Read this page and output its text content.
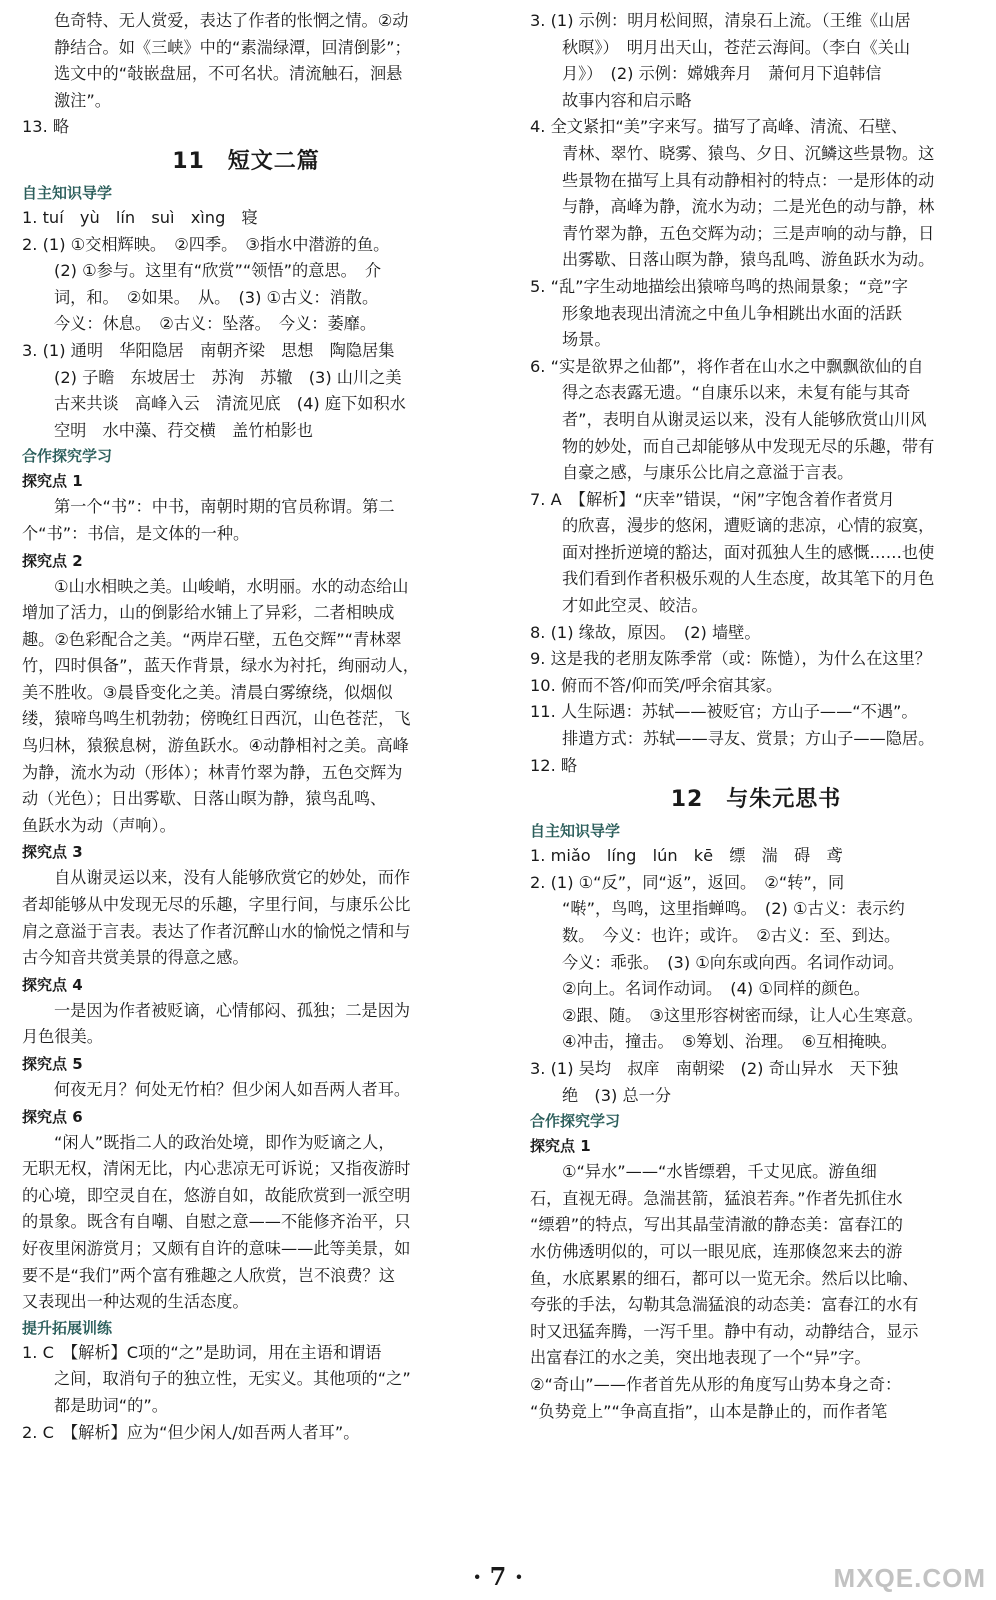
色奇特、无人赏爱，表达了作者的怅惘之情。②动
静结合。如《三峡》中的“素湍绿潭，回清倒影”；
选文中的“敧嵌盘屈，不可名状。清流触石，洄悬
激注”。
13. 略
11　短文二篇
自主知识导学
1. tuí　yù　lín　suì　xìng　寝
2. (1) ①交相辉映。　②四季。　③指水中潜游的鱼。
(2) ①参与。这里有“欣赏”“领悟”的意思。　介
词，和。　②如果。　从。　(3) ①古义：消散。
今义：休息。　②古义：坠落。　今义：萎靡。
3. (1) 通明　华阳隐居　南朝齐梁　思想　陶隐居集
(2) 子瞻　东坡居士　苏洵　苏辙　(3) 山川之美
古来共谈　高峰入云　清流见底　(4) 庭下如积水
空明　水中藻、荇交横　盖竹柏影也
合作探究学习
探究点 1
第一个“书”：中书，南朝时期的官员称谓。第二
个“书”：书信，是文体的一种。
探究点 2
①山水相映之美。山峻峭，水明丽。水的动态给山
增加了活力，山的倒影给水铺上了异彩，二者相映成
趣。②色彩配合之美。“两岸石壁，五色交辉”“青林翠
竹，四时俱备”，蓝天作背景，绿水为衬托，绚丽动人，
美不胜收。③晨昏变化之美。清晨白雾缭绕，似烟似
缕，猿啼鸟鸣生机勃勃；傍晚红日西沉，山色苍茫，飞
鸟归林，猿猴息树，游鱼跃水。④动静相衬之美。高峰
为静，流水为动（形体）；林青竹翠为静，五色交辉为
动（光色）；日出雾歇、日落山暝为静，猿鸟乱鸣、
鱼跃水为动（声响）。
探究点 3
自从谢灵运以来，没有人能够欣赏它的妙处，而作
者却能够从中发现无尽的乐趣，字里行间，与康乐公比
肩之意溢于言表。表达了作者沉醉山水的愉悦之情和与
古今知音共赏美景的得意之感。
探究点 4
一是因为作者被贬谪，心情郁闷、孤独；二是因为
月色很美。
探究点 5
何夜无月？何处无竹柏？但少闲人如吾两人者耳。
探究点 6
“闲人”既指二人的政治处境，即作为贬谪之人，
无职无权，清闲无比，内心悲凉无可诉说；又指夜游时
的心境，即空灵自在，悠游自如，故能欣赏到一派空明
的景象。既含有自嘲、自慰之意——不能修齐治平，只
好夜里闲游赏月；又颇有自许的意味——此等美景，如
要不是“我们”两个富有雅趣之人欣赏，岂不浪费？这
又表现出一种达观的生活态度。
提升拓展训练
1. C　【解析】C项的“之”是助词，用在主语和谓语
之间，取消句子的独立性，无实义。其他项的“之”
都是助词“的”。
2. C　【解析】应为“但少闲人/如吾两人者耳”。
3. (1) 示例：明月松间照，清泉石上流。（王维《山居
秋暝》）　明月出天山，苍茫云海间。（李白《关山
月》）　(2) 示例：嫦娥奔月　萧何月下追韩信
故事内容和启示略
4. 全文紧扣“美”字来写。描写了高峰、清流、石壁、
青林、翠竹、晓雾、猿鸟、夕日、沉鳞这些景物。这
些景物在描写上具有动静相衬的特点：一是形体的动
与静，高峰为静，流水为动；二是光色的动与静，林
青竹翠为静，五色交辉为动；三是声响的动与静，日
出雾歇、日落山暝为静，猿鸟乱鸣、游鱼跃水为动。
5. “乱”字生动地描绘出猿啼鸟鸣的热闹景象；“竞”字
形象地表现出清流之中鱼儿争相跳出水面的活跃
场景。
6. “实是欲界之仙都”，将作者在山水之中飘飘欲仙的自
得之态表露无遗。“自康乐以来，未复有能与其奇
者”，表明自从谢灵运以来，没有人能够欣赏山川风
物的妙处，而自己却能够从中发现无尽的乐趣，带有
自豪之感，与康乐公比肩之意溢于言表。
7. A　【解析】“庆幸”错误，“闲”字饱含着作者赏月
的欣喜，漫步的悠闲，遭贬谪的悲凉，心情的寂寞，
面对挫折逆境的豁达，面对孤独人生的感慨……也使
我们看到作者积极乐观的人生态度，故其笔下的月色
才如此空灵、皎洁。
8. (1) 缘故，原因。　(2) 墙壁。
9. 这是我的老朋友陈季常（或：陈慥），为什么在这里？
10. 俯而不答/仰而笑/呼余宿其家。
11. 人生际遇：苏轼——被贬官；方山子——“不遇”。
排遣方式：苏轼——寻友、赏景；方山子——隐居。
12. 略
12　与朱元思书
自主知识导学
1. miǎo　líng　lún　kē　缥　湍　碍　鸢
2. (1) ①“反”，同“返”，返回。　②“转”，同
“啭”，鸟鸣，这里指蝉鸣。　(2) ①古义：表示约
数。　今义：也许；或许。　②古义：至、到达。
今义：乖张。　(3) ①向东或向西。名词作动词。
②向上。名词作动词。　(4) ①同样的颜色。
②跟、随。　③这里形容树密而绿，让人心生寒意。
④冲击，撞击。　⑤筹划、治理。　⑥互相掩映。
3. (1) 吴均　叔庠　南朝梁　(2) 奇山异水　天下独
绝　(3) 总一分
合作探究学习
探究点 1
①“异水”——“水皆缥碧，千丈见底。游鱼细
石，直视无碍。急湍甚箭，猛浪若奔。”作者先抓住水
“缥碧”的特点，写出其晶莹清澈的静态美：富春江的
水仿佛透明似的，可以一眼见底，连那倏忽来去的游
鱼，水底累累的细石，都可以一览无余。然后以比喻、
夸张的手法，勾勒其急湍猛浪的动态美：富春江的水有
时又迅猛奔腾，一泻千里。静中有动，动静结合，显示
出富春江的水之美，突出地表现了一个“异”字。
②“奇山”——作者首先从形的角度写山势本身之奇：
“负势竞上”“争高直指”，山本是静止的，而作者笔
· 7 ·	MXQE.COM
